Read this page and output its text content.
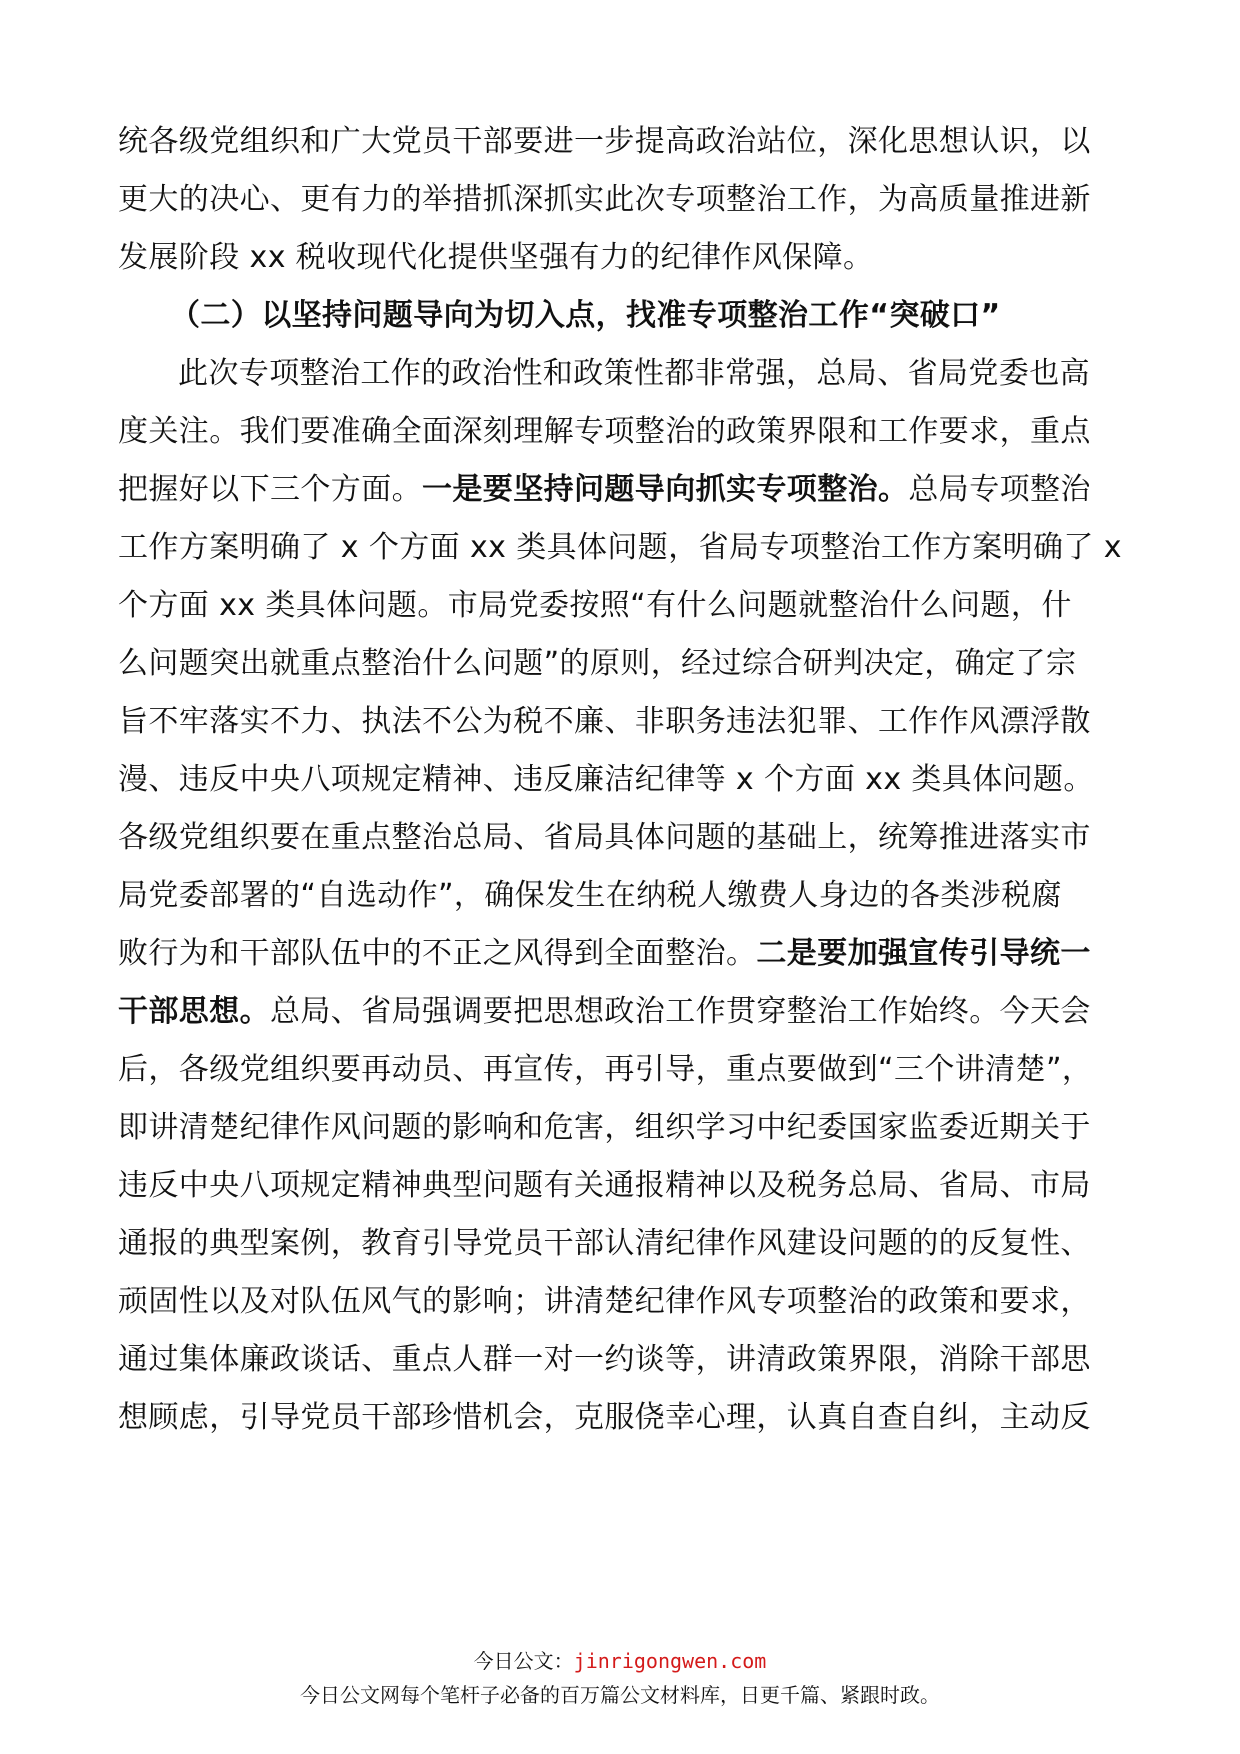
统各级党组织和广大党员干部要进一步提高政治站位，深化思想认识，以
更大的决心、更有力的举措抓深抓实此次专项整治工作，为高质量推进新
发展阶段 xx 税收现代化提供坚强有力的纪律作风保障。
（二）以坚持问题导向为切入点，找准专项整治工作“突破口”
此次专项整治工作的政治性和政策性都非常强，总局、省局党委也高
度关注。我们要准确全面深刻理解专项整治的政策界限和工作要求，重点
把握好以下三个方面。一是要坚持问题导向抓实专项整治。总局专项整治
工作方案明确了 x 个方面 xx 类具体问题，省局专项整治工作方案明确了 x
个方面 xx 类具体问题。市局党委按照“有什么问题就整治什么问题，什
么问题突出就重点整治什么问题”的原则，经过综合研判决定，确定了宗
旨不牢落实不力、执法不公为税不廉、非职务违法犯罪、工作作风漂浮散
漫、违反中央八项规定精神、违反廉洁纪律等 x 个方面 xx 类具体问题。
各级党组织要在重点整治总局、省局具体问题的基础上，统筹推进落实市
局党委部署的“自选动作”，确保发生在纳税人缴费人身边的各类涉税腐
败行为和干部队伍中的不正之风得到全面整治。二是要加强宣传引导统一
干部思想。总局、省局强调要把思想政治工作贯穿整治工作始终。今天会
后，各级党组织要再动员、再宣传，再引导，重点要做到“三个讲清楚”，
即讲清楚纪律作风问题的影响和危害，组织学习中纪委国家监委近期关于
违反中央八项规定精神典型问题有关通报精神以及税务总局、省局、市局
通报的典型案例，教育引导党员干部认清纪律作风建设问题的的反复性、
顽固性以及对队伍风气的影响；讲清楚纪律作风专项整治的政策和要求，
通过集体廉政谈话、重点人群一对一约谈等，讲清政策界限，消除干部思
想顾虑，引导党员干部珍惜机会，克服侥幸心理，认真自查自纠，主动反
今日公文：jinrigongwen.com
今日公文网每个笔杆子必备的百万篇公文材料库，日更千篇、紧跟时政。
